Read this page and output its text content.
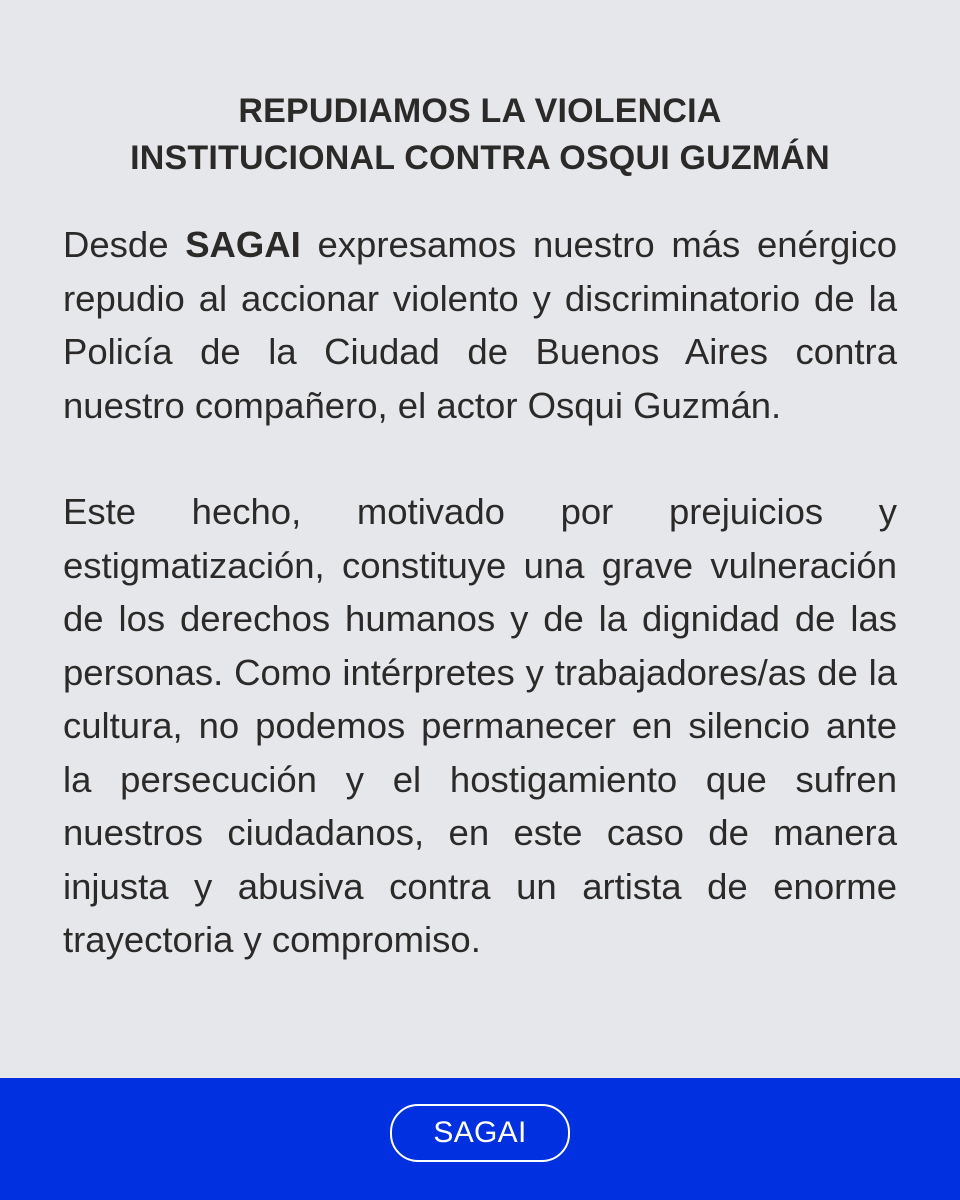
REPUDIAMOS LA VIOLENCIA
INSTITUCIONAL CONTRA OSQUI GUZMÁN

Desde SAGAI expresamos nuestro más enérgico repudio al accionar violento y discriminatorio de la Policía de la Ciudad de Buenos Aires contra nuestro compañero, el actor Osqui Guzmán.

Este hecho, motivado por prejuicios y estigmatización, constituye una grave vulneración de los derechos humanos y de la dignidad de las personas. Como intérpretes y trabajadores/as de la cultura, no podemos permanecer en silencio ante la persecución y el hostigamiento que sufren nuestros ciudadanos, en este caso de manera injusta y abusiva contra un artista de enorme trayectoria y compromiso.

SAGAI
